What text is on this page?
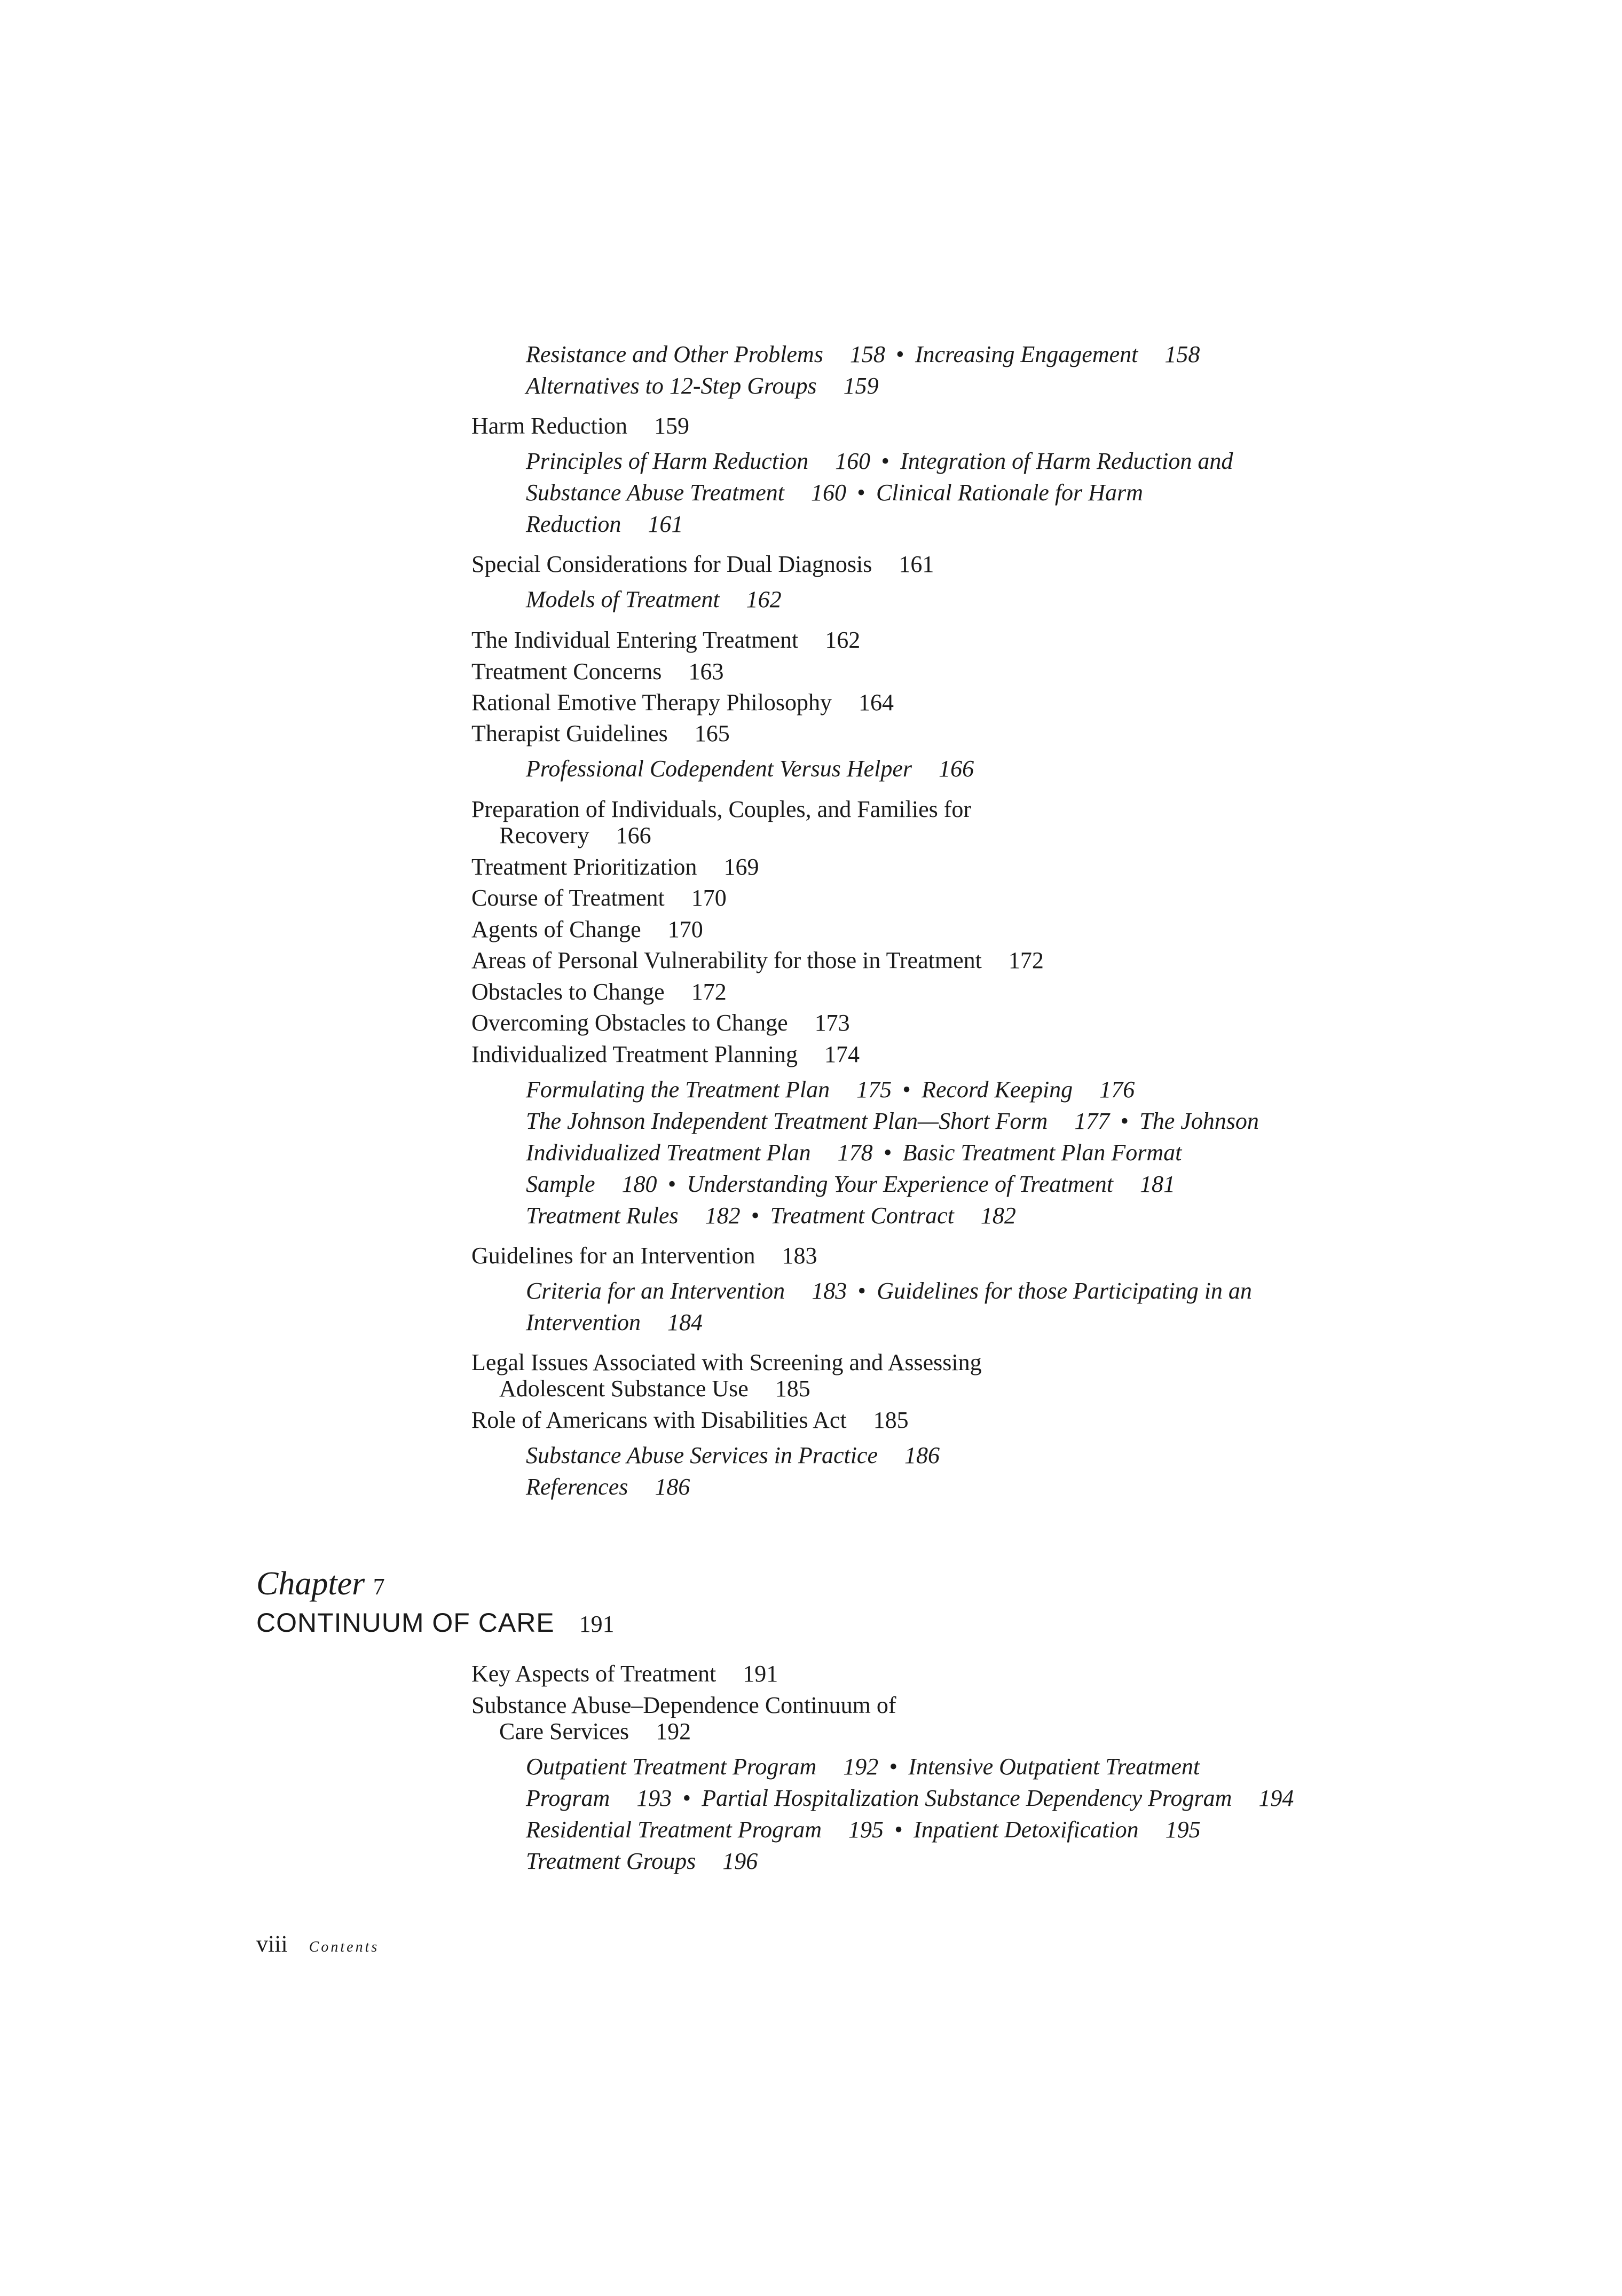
Resistance and Other Problems 158 • Increasing Engagement 158
Alternatives to 12-Step Groups 159
Harm Reduction 159
Principles of Harm Reduction 160 • Integration of Harm Reduction and
Substance Abuse Treatment 160 • Clinical Rationale for Harm
Reduction 161
Special Considerations for Dual Diagnosis 161
Models of Treatment 162
The Individual Entering Treatment 162
Treatment Concerns 163
Rational Emotive Therapy Philosophy 164
Therapist Guidelines 165
Professional Codependent Versus Helper 166
Preparation of Individuals, Couples, and Families for
Recovery 166
Treatment Prioritization 169
Course of Treatment 170
Agents of Change 170
Areas of Personal Vulnerability for those in Treatment 172
Obstacles to Change 172
Overcoming Obstacles to Change 173
Individualized Treatment Planning 174
Formulating the Treatment Plan 175 • Record Keeping 176
The Johnson Independent Treatment Plan—Short Form 177 • The Johnson
Individualized Treatment Plan 178 • Basic Treatment Plan Format
Sample 180 • Understanding Your Experience of Treatment 181
Treatment Rules 182 • Treatment Contract 182
Guidelines for an Intervention 183
Criteria for an Intervention 183 • Guidelines for those Participating in an
Intervention 184
Legal Issues Associated with Screening and Assessing
Adolescent Substance Use 185
Role of Americans with Disabilities Act 185
Substance Abuse Services in Practice 186
References 186
Chapter 7
CONTINUUM OF CARE 191
Key Aspects of Treatment 191
Substance Abuse–Dependence Continuum of
Care Services 192
Outpatient Treatment Program 192 • Intensive Outpatient Treatment
Program 193 • Partial Hospitalization Substance Dependency Program 194
Residential Treatment Program 195 • Inpatient Detoxification 195
Treatment Groups 196
viii Contents
